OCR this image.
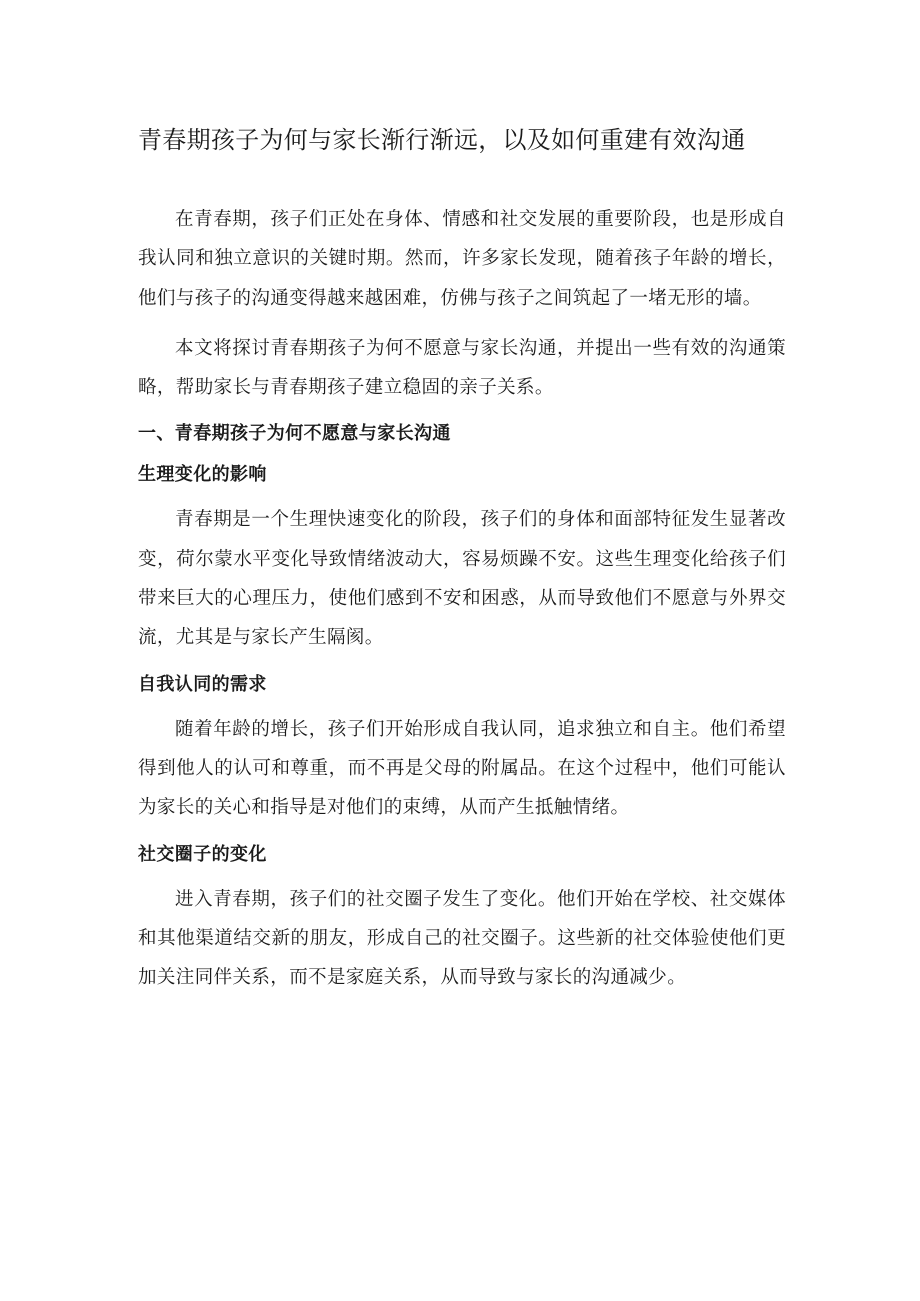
青春期孩子为何与家长渐行渐远，以及如何重建有效沟通

在青春期，孩子们正处在身体、情感和社交发展的重要阶段，也是形成自我认同和独立意识的关键时期。然而，许多家长发现，随着孩子年龄的增长，他们与孩子的沟通变得越来越困难，仿佛与孩子之间筑起了一堵无形的墙。

本文将探讨青春期孩子为何不愿意与家长沟通，并提出一些有效的沟通策略，帮助家长与青春期孩子建立稳固的亲子关系。

一、青春期孩子为何不愿意与家长沟通
生理变化的影响

青春期是一个生理快速变化的阶段，孩子们的身体和面部特征发生显著改变，荷尔蒙水平变化导致情绪波动大，容易烦躁不安。这些生理变化给孩子们带来巨大的心理压力，使他们感到不安和困惑，从而导致他们不愿意与外界交流，尤其是与家长产生隔阂。

自我认同的需求

随着年龄的增长，孩子们开始形成自我认同，追求独立和自主。他们希望得到他人的认可和尊重，而不再是父母的附属品。在这个过程中，他们可能认为家长的关心和指导是对他们的束缚，从而产生抵触情绪。

社交圈子的变化

进入青春期，孩子们的社交圈子发生了变化。他们开始在学校、社交媒体和其他渠道结交新的朋友，形成自己的社交圈子。这些新的社交体验使他们更加关注同伴关系，而不是家庭关系，从而导致与家长的沟通减少。
